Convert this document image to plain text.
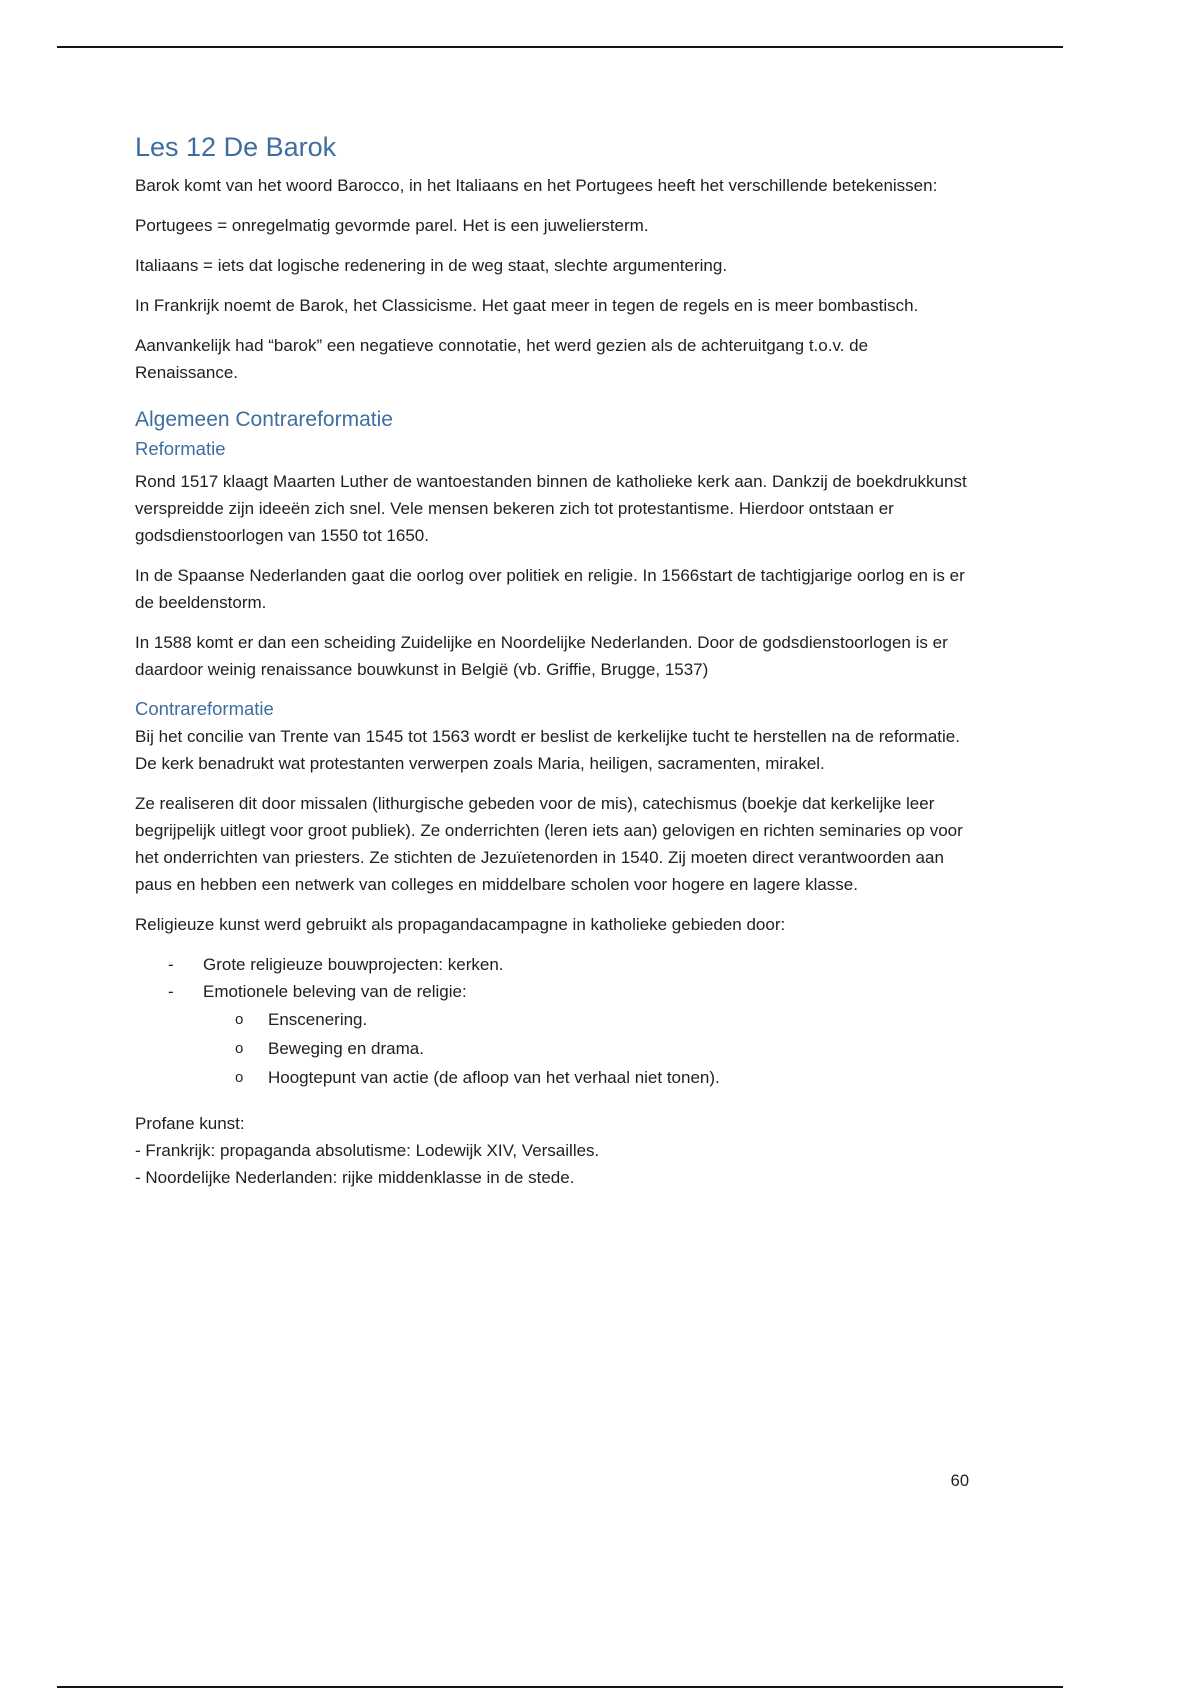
Les 12 De Barok

Barok komt van het woord Barocco, in het Italiaans en het Portugees heeft het verschillende betekenissen:

Portugees = onregelmatig gevormde parel. Het is een juweliersterm.

Italiaans = iets dat logische redenering in de weg staat, slechte argumentering.

In Frankrijk noemt de Barok, het Classicisme. Het gaat meer in tegen de regels en is meer bombastisch.

Aanvankelijk had “barok” een negatieve connotatie, het werd gezien als de achteruitgang t.o.v. de Renaissance.

Algemeen Contrareformatie
Reformatie

Rond 1517 klaagt Maarten Luther de wantoestanden binnen de katholieke kerk aan. Dankzij de boekdrukkunst verspreidde zijn ideeën zich snel. Vele mensen bekeren zich tot protestantisme. Hierdoor ontstaan er godsdienstoorlogen van 1550 tot 1650.

In de Spaanse Nederlanden gaat die oorlog over politiek en religie. In 1566start de tachtigjarige oorlog en is er de beeldenstorm.

In 1588 komt er dan een scheiding Zuidelijke en Noordelijke Nederlanden. Door de godsdienstoorlogen is er daardoor weinig renaissance bouwkunst in België (vb. Griffie, Brugge, 1537)

Contrareformatie

Bij het concilie van Trente van 1545 tot 1563 wordt er beslist de kerkelijke tucht te herstellen na de reformatie. De kerk benadrukt wat protestanten verwerpen zoals Maria, heiligen, sacramenten, mirakel.

Ze realiseren dit door missalen (lithurgische gebeden voor de mis), catechismus (boekje dat kerkelijke leer begrijpelijk uitlegt voor groot publiek). Ze onderrichten (leren iets aan) gelovigen en richten seminaries op voor het onderrichten van priesters. Ze stichten de Jezuïetenorden in 1540. Zij moeten direct verantwoorden aan paus en hebben een netwerk van colleges en middelbare scholen voor hogere en lagere klasse.

Religieuze kunst werd gebruikt als propagandacampagne in katholieke gebieden door:

- Grote religieuze bouwprojecten: kerken.
- Emotionele beleving van de religie:
o Enscenering.
o Beweging en drama.
o Hoogtepunt van actie (de afloop van het verhaal niet tonen).
Profane kunst:
- Frankrijk: propaganda absolutisme: Lodewijk XIV, Versailles.
- Noordelijke Nederlanden: rijke middenklasse in de stede.
60
